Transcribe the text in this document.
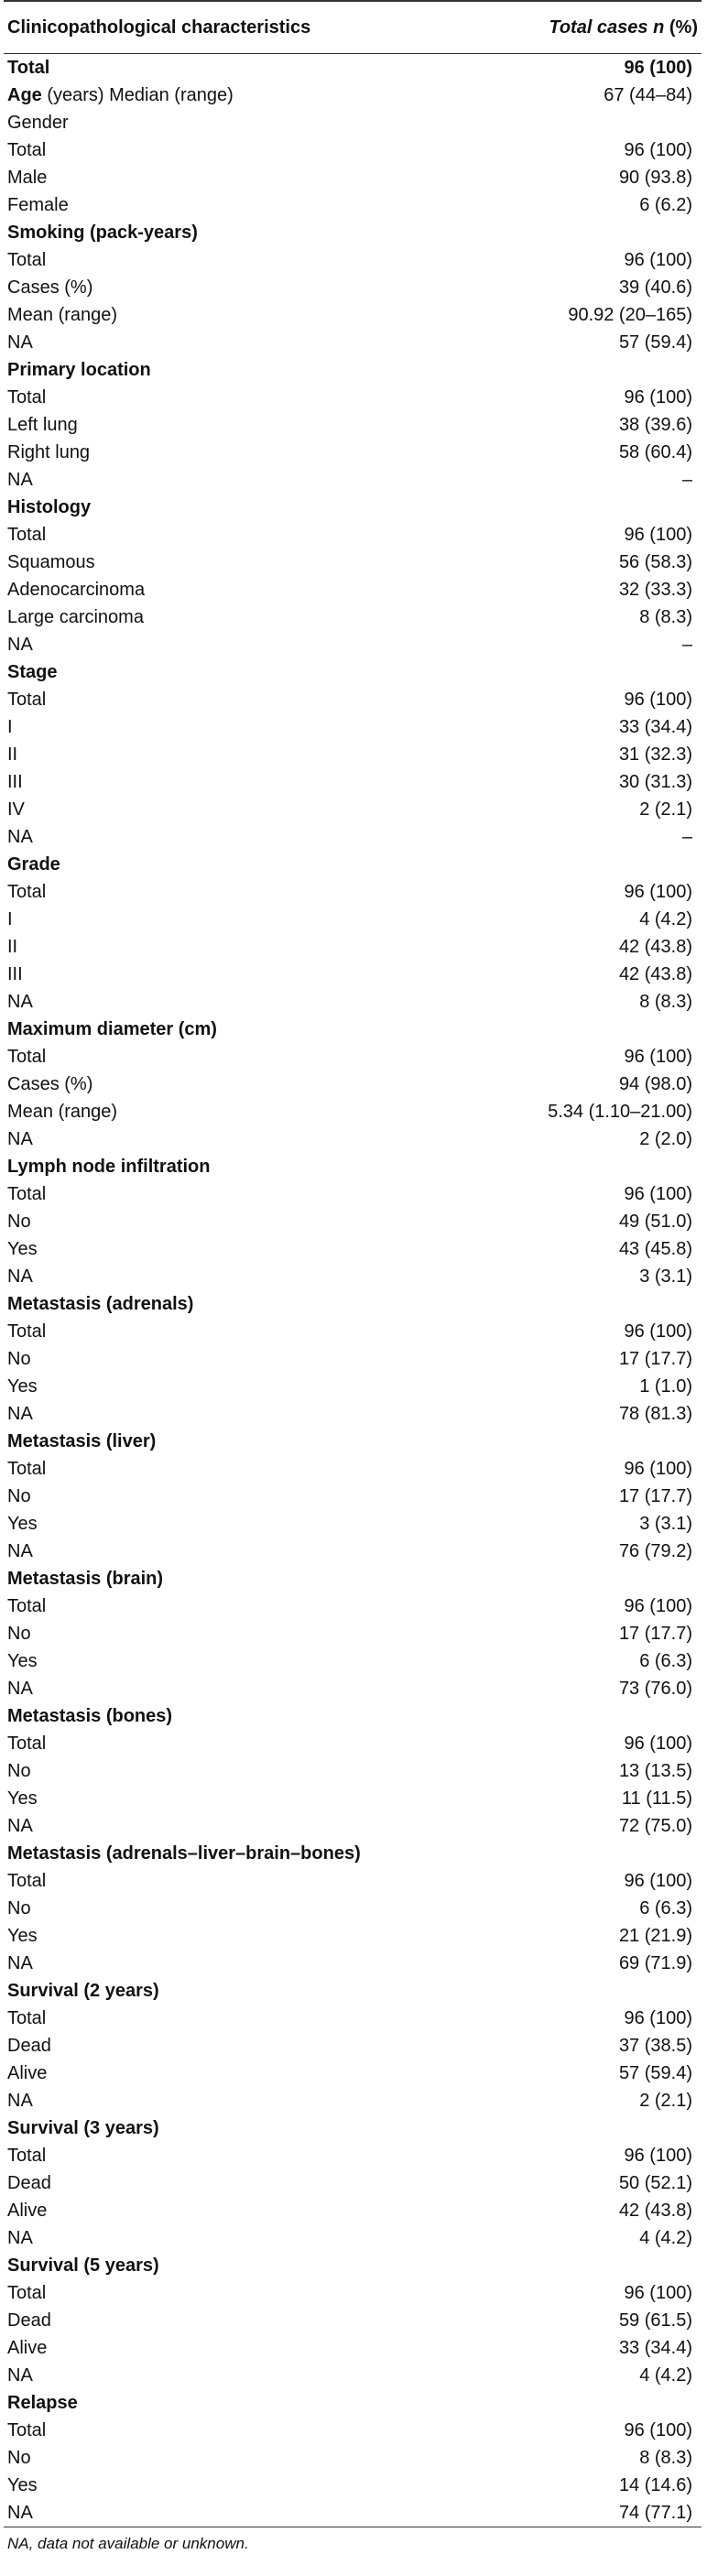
Clinicopathological characteristics	Total cases n (%)
Total	96 (100)
Age (years) Median (range)	67 (44–84)
Gender	
Total	96 (100)
Male	90 (93.8)
Female	6 (6.2)
Smoking (pack-years)	
Total	96 (100)
Cases (%)	39 (40.6)
Mean (range)	90.92 (20–165)
NA	57 (59.4)
Primary location	
Total	96 (100)
Left lung	38 (39.6)
Right lung	58 (60.4)
NA	–
Histology	
Total	96 (100)
Squamous	56 (58.3)
Adenocarcinoma	32 (33.3)
Large carcinoma	8 (8.3)
NA	–
Stage	
Total	96 (100)
I	33 (34.4)
II	31 (32.3)
III	30 (31.3)
IV	2 (2.1)
NA	–
Grade	
Total	96 (100)
I	4 (4.2)
II	42 (43.8)
III	42 (43.8)
NA	8 (8.3)
Maximum diameter (cm)	
Total	96 (100)
Cases (%)	94 (98.0)
Mean (range)	5.34 (1.10–21.00)
NA	2 (2.0)
Lymph node infiltration	
Total	96 (100)
No	49 (51.0)
Yes	43 (45.8)
NA	3 (3.1)
Metastasis (adrenals)	
Total	96 (100)
No	17 (17.7)
Yes	1 (1.0)
NA	78 (81.3)
Metastasis (liver)	
Total	96 (100)
No	17 (17.7)
Yes	3 (3.1)
NA	76 (79.2)
Metastasis (brain)	
Total	96 (100)
No	17 (17.7)
Yes	6 (6.3)
NA	73 (76.0)
Metastasis (bones)	
Total	96 (100)
No	13 (13.5)
Yes	11 (11.5)
NA	72 (75.0)
Metastasis (adrenals–liver–brain–bones)	
Total	96 (100)
No	6 (6.3)
Yes	21 (21.9)
NA	69 (71.9)
Survival (2 years)	
Total	96 (100)
Dead	37 (38.5)
Alive	57 (59.4)
NA	2 (2.1)
Survival (3 years)	
Total	96 (100)
Dead	50 (52.1)
Alive	42 (43.8)
NA	4 (4.2)
Survival (5 years)	
Total	96 (100)
Dead	59 (61.5)
Alive	33 (34.4)
NA	4 (4.2)
Relapse	
Total	96 (100)
No	8 (8.3)
Yes	14 (14.6)
NA	74 (77.1)
NA, data not available or unknown.
